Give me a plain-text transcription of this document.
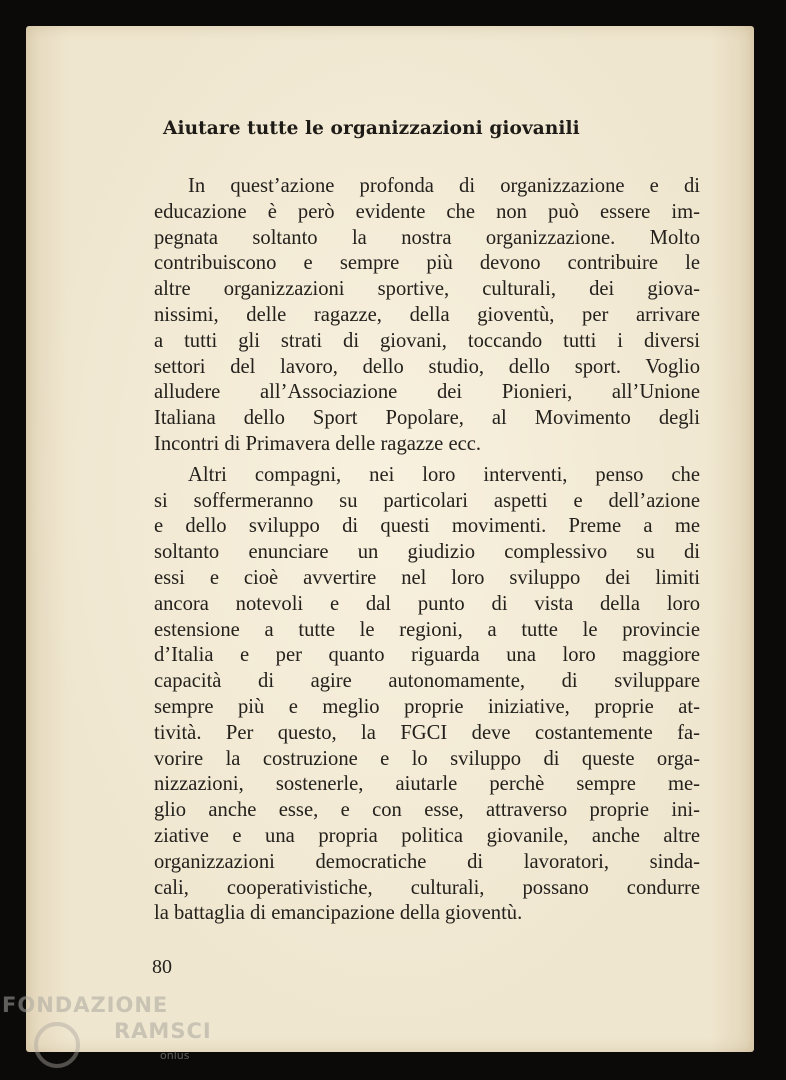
Aiutare tutte le organizzazioni giovanili
In quest’azione profonda di organizzazione e di
educazione è però evidente che non può essere im-
pegnata soltanto la nostra organizzazione. Molto
contribuiscono e sempre più devono contribuire le
altre organizzazioni sportive, culturali, dei giova-
nissimi, delle ragazze, della gioventù, per arrivare
a tutti gli strati di giovani, toccando tutti i diversi
settori del lavoro, dello studio, dello sport. Voglio
alludere all’Associazione dei Pionieri, all’Unione
Italiana dello Sport Popolare, al Movimento degli
Incontri di Primavera delle ragazze ecc.
Altri compagni, nei loro interventi, penso che
si soffermeranno su particolari aspetti e dell’azione
e dello sviluppo di questi movimenti. Preme a me
soltanto enunciare un giudizio complessivo su di
essi e cioè avvertire nel loro sviluppo dei limiti
ancora notevoli e dal punto di vista della loro
estensione a tutte le regioni, a tutte le provincie
d’Italia e per quanto riguarda una loro maggiore
capacità di agire autonomamente, di sviluppare
sempre più e meglio proprie iniziative, proprie at-
tività. Per questo, la FGCI deve costantemente fa-
vorire la costruzione e lo sviluppo di queste orga-
nizzazioni, sostenerle, aiutarle perchè sempre me-
glio anche esse, e con esse, attraverso proprie ini-
ziative e una propria politica giovanile, anche altre
organizzazioni democratiche di lavoratori, sinda-
cali, cooperativistiche, culturali, possano condurre
la battaglia di emancipazione della gioventù.
80
FONDAZIONE
RAMSCI
onlus
